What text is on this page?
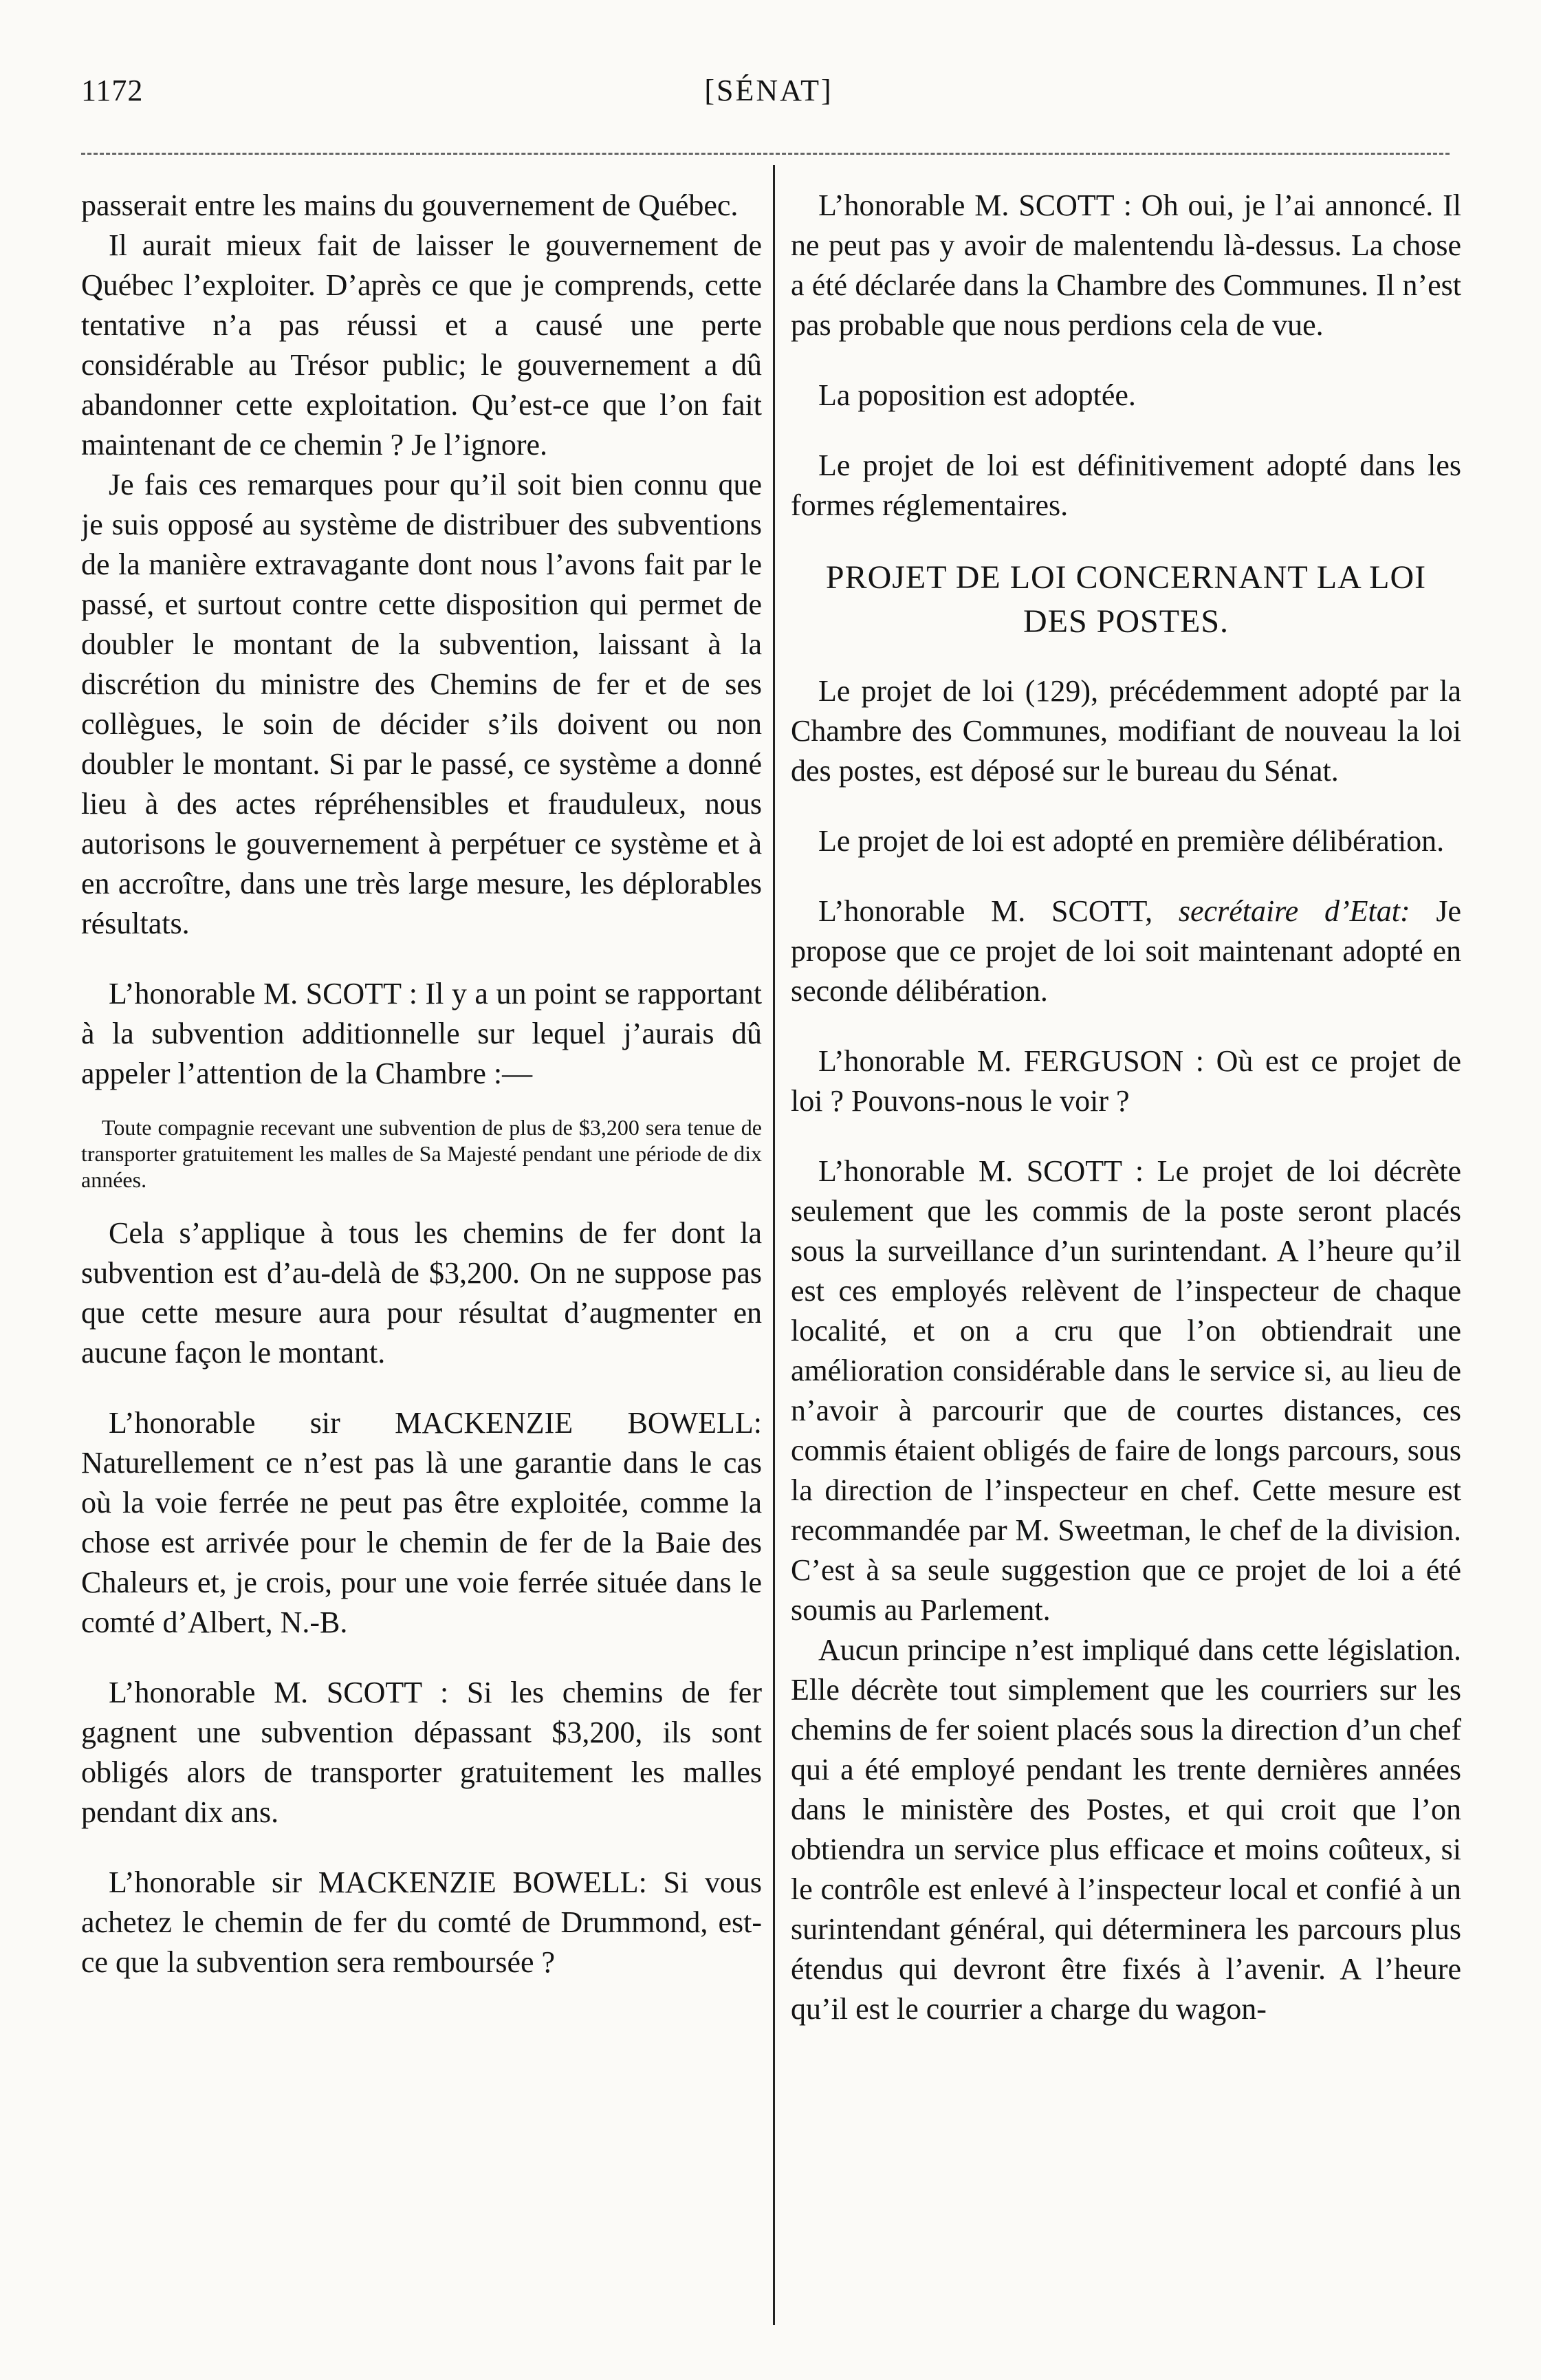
1172	[SÉNAT]

passerait entre les mains du gouvernement de Québec.

Il aurait mieux fait de laisser le gouvernement de Québec l’exploiter. D’après ce que je comprends, cette tentative n’a pas réussi et a causé une perte considérable au Trésor public; le gouvernement a dû abandonner cette exploitation. Qu’est-ce que l’on fait maintenant de ce chemin ? Je l’ignore.

Je fais ces remarques pour qu’il soit bien connu que je suis opposé au système de distribuer des subventions de la manière extravagante dont nous l’avons fait par le passé, et surtout contre cette disposition qui permet de doubler le montant de la subvention, laissant à la discrétion du ministre des Chemins de fer et de ses collègues, le soin de décider s’ils doivent ou non doubler le montant. Si par le passé, ce système a donné lieu à des actes répréhensibles et frauduleux, nous autorisons le gouvernement à perpétuer ce système et à en accroître, dans une très large mesure, les déplorables résultats.

L’honorable M. SCOTT : Il y a un point se rapportant à la subvention additionnelle sur lequel j’aurais dû appeler l’attention de la Chambre :—

Toute compagnie recevant une subvention de plus de $3,200 sera tenue de transporter gratuitement les malles de Sa Majesté pendant une période de dix années.

Cela s’applique à tous les chemins de fer dont la subvention est d’au-delà de $3,200. On ne suppose pas que cette mesure aura pour résultat d’augmenter en aucune façon le montant.

L’honorable sir MACKENZIE BOWELL: Naturellement ce n’est pas là une garantie dans le cas où la voie ferrée ne peut pas être exploitée, comme la chose est arrivée pour le chemin de fer de la Baie des Chaleurs et, je crois, pour une voie ferrée située dans le comté d’Albert, N.-B.

L’honorable M. SCOTT : Si les chemins de fer gagnent une subvention dépassant $3,200, ils sont obligés alors de transporter gratuitement les malles pendant dix ans.

L’honorable sir MACKENZIE BOWELL: Si vous achetez le chemin de fer du comté de Drummond, est-ce que la subvention sera remboursée ?

L’honorable M. SCOTT : Oh oui, je l’ai annoncé. Il ne peut pas y avoir de malentendu là-dessus. La chose a été déclarée dans la Chambre des Communes. Il n’est pas probable que nous perdions cela de vue.

La poposition est adoptée.

Le projet de loi est définitivement adopté dans les formes réglementaires.

PROJET DE LOI CONCERNANT LA LOI DES POSTES.

Le projet de loi (129), précédemment adopté par la Chambre des Communes, modifiant de nouveau la loi des postes, est déposé sur le bureau du Sénat.

Le projet de loi est adopté en première délibération.

L’honorable M. SCOTT, secrétaire d’Etat: Je propose que ce projet de loi soit maintenant adopté en seconde délibération.

L’honorable M. FERGUSON : Où est ce projet de loi ? Pouvons-nous le voir ?

L’honorable M. SCOTT : Le projet de loi décrète seulement que les commis de la poste seront placés sous la surveillance d’un surintendant. A l’heure qu’il est ces employés relèvent de l’inspecteur de chaque localité, et on a cru que l’on obtiendrait une amélioration considérable dans le service si, au lieu de n’avoir à parcourir que de courtes distances, ces commis étaient obligés de faire de longs parcours, sous la direction de l’inspecteur en chef. Cette mesure est recommandée par M. Sweetman, le chef de la division. C’est à sa seule suggestion que ce projet de loi a été soumis au Parlement.

Aucun principe n’est impliqué dans cette législation. Elle décrète tout simplement que les courriers sur les chemins de fer soient placés sous la direction d’un chef qui a été employé pendant les trente dernières années dans le ministère des Postes, et qui croit que l’on obtiendra un service plus efficace et moins coûteux, si le contrôle est enlevé à l’inspecteur local et confié à un surintendant général, qui déterminera les parcours plus étendus qui devront être fixés à l’avenir. A l’heure qu’il est le courrier a charge du wagon-
